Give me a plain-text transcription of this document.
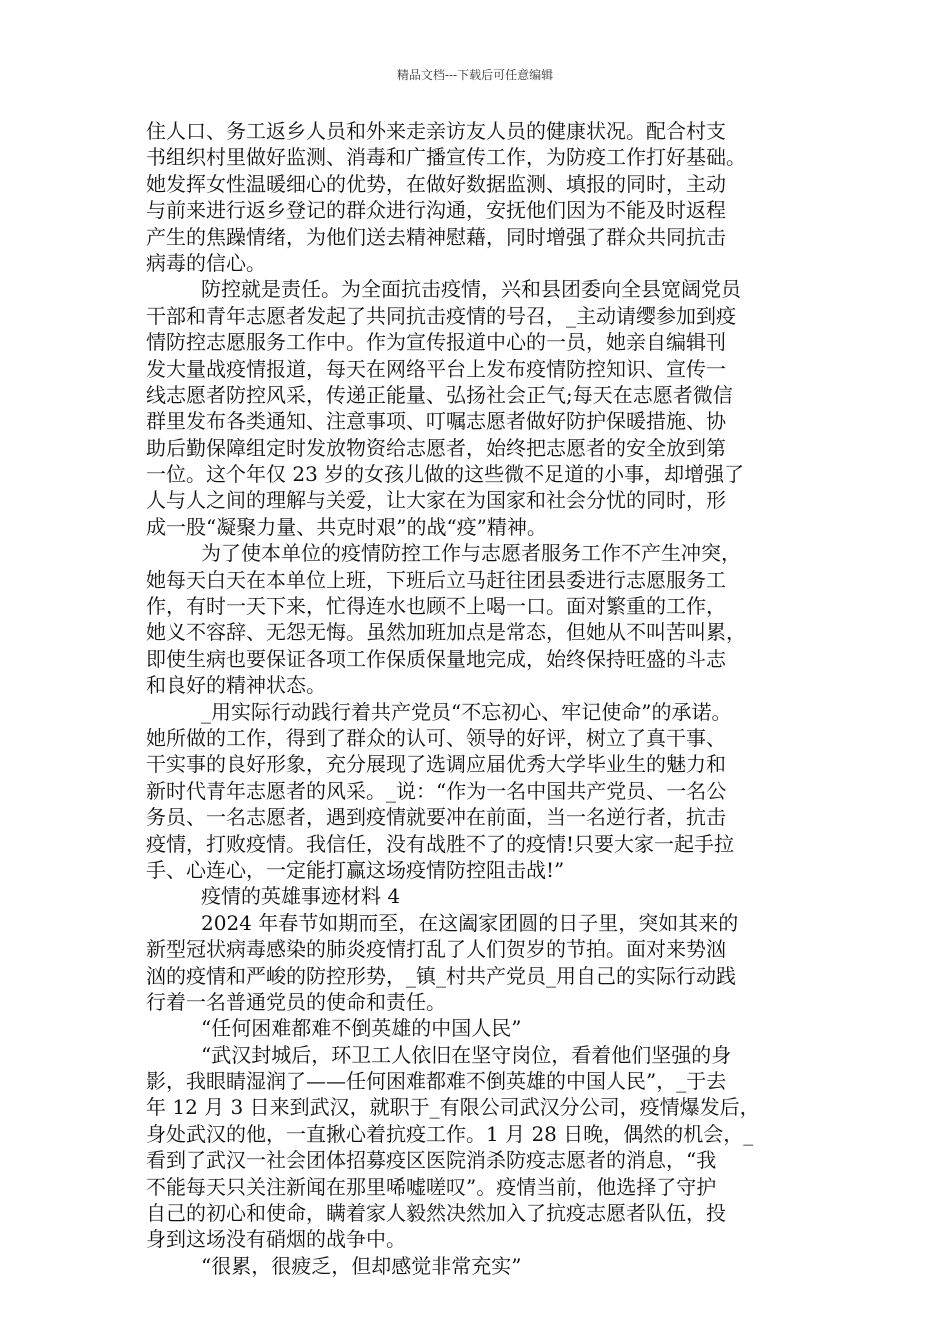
精品文档---下载后可任意编辑
住人口、务工返乡人员和外来走亲访友人员的健康状况。配合村支
书组织村里做好监测、消毒和广播宣传工作，为防疫工作打好基础。
她发挥女性温暖细心的优势，在做好数据监测、填报的同时，主动
与前来进行返乡登记的群众进行沟通，安抚他们因为不能及时返程
产生的焦躁情绪，为他们送去精神慰藉，同时增强了群众共同抗击
病毒的信心。
防控就是责任。为全面抗击疫情，兴和县团委向全县宽阔党员
干部和青年志愿者发起了共同抗击疫情的号召，_主动请缨参加到疫
情防控志愿服务工作中。作为宣传报道中心的一员，她亲自编辑刊
发大量战疫情报道，每天在网络平台上发布疫情防控知识、宣传一
线志愿者防控风采，传递正能量、弘扬社会正气;每天在志愿者微信
群里发布各类通知、注意事项、叮嘱志愿者做好防护保暖措施、协
助后勤保障组定时发放物资给志愿者，始终把志愿者的安全放到第
一位。这个年仅 23 岁的女孩儿做的这些微不足道的小事，却增强了
人与人之间的理解与关爱，让大家在为国家和社会分忧的同时，形
成一股“凝聚力量、共克时艰”的战“疫”精神。
为了使本单位的疫情防控工作与志愿者服务工作不产生冲突，
她每天白天在本单位上班，下班后立马赶往团县委进行志愿服务工
作，有时一天下来，忙得连水也顾不上喝一口。面对繁重的工作，
她义不容辞、无怨无悔。虽然加班加点是常态，但她从不叫苦叫累，
即使生病也要保证各项工作保质保量地完成，始终保持旺盛的斗志
和良好的精神状态。
_用实际行动践行着共产党员“不忘初心、牢记使命”的承诺。
她所做的工作，得到了群众的认可、领导的好评，树立了真干事、
干实事的良好形象，充分展现了选调应届优秀大学毕业生的魅力和
新时代青年志愿者的风采。_说：“作为一名中国共产党员、一名公
务员、一名志愿者，遇到疫情就要冲在前面，当一名逆行者，抗击
疫情，打败疫情。我信任，没有战胜不了的疫情!只要大家一起手拉
手、心连心，一定能打赢这场疫情防控阻击战!”
疫情的英雄事迹材料 4
2024 年春节如期而至，在这阖家团圆的日子里，突如其来的
新型冠状病毒感染的肺炎疫情打乱了人们贺岁的节拍。面对来势汹
汹的疫情和严峻的防控形势，_镇_村共产党员_用自己的实际行动践
行着一名普通党员的使命和责任。
“任何困难都难不倒英雄的中国人民”
“武汉封城后，环卫工人依旧在坚守岗位，看着他们坚强的身
影，我眼睛湿润了——任何困难都难不倒英雄的中国人民”，_于去
年 12 月 3 日来到武汉，就职于_有限公司武汉分公司，疫情爆发后，
身处武汉的他，一直揪心着抗疫工作。1 月 28 日晚，偶然的机会，_
看到了武汉一社会团体招募疫区医院消杀防疫志愿者的消息，“我
不能每天只关注新闻在那里唏嘘嗟叹”。疫情当前，他选择了守护
自己的初心和使命，瞒着家人毅然决然加入了抗疫志愿者队伍，投
身到这场没有硝烟的战争中。
“很累，很疲乏，但却感觉非常充实”
